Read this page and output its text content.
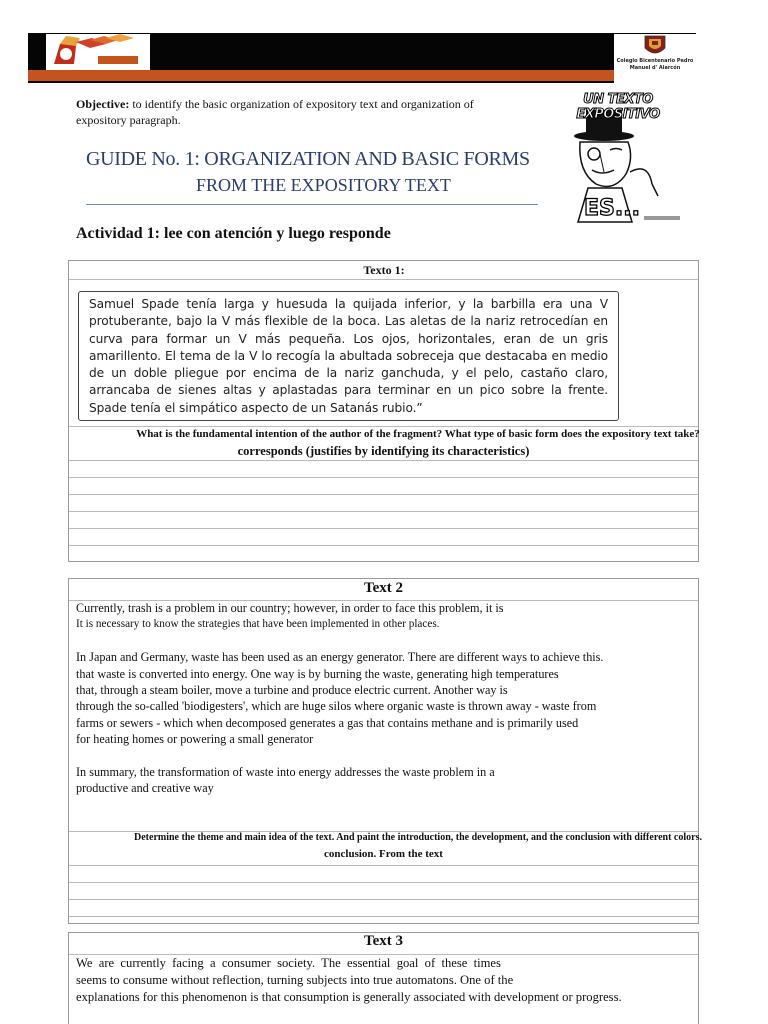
COLEGIOS	Colegio Bicentenario Pedro Manuel d' Alarcón
Objective: to identify the basic organization of expository text and organization of
expository paragraph.
UN TEXTO EXPOSITIVO
ES...
GUIDE No. 1: ORGANIZATION AND BASIC FORMS
FROM THE EXPOSITORY TEXT
Actividad 1: lee con atención y luego responde
Texto 1:
Samuel Spade tenía larga y huesuda la quijada inferior, y la barbilla era una V protuberante, bajo la V más flexible de la boca. Las aletas de la nariz retrocedían en curva para formar un V más pequeña. Los ojos, horizontales, eran de un gris amarillento. El tema de la V lo recogía la abultada sobreceja que destacaba en medio de un doble pliegue por encima de la nariz ganchuda, y el pelo, castaño claro, arrancaba de sienes altas y aplastadas para terminar en un pico sobre la frente. Spade tenía el simpático aspecto de un Satanás rubio.”
What is the fundamental intention of the author of the fragment? What type of basic form does the expository text take?
corresponds (justifies by identifying its characteristics)
Text 2

Currently, trash is a problem in our country; however, in order to face this problem, it is

It is necessary to know the strategies that have been implemented in other places.

In Japan and Germany, waste has been used as an energy generator. There are different ways to achieve this.

that waste is converted into energy. One way is by burning the waste, generating high temperatures

that, through a steam boiler, move a turbine and produce electric current. Another way is

through the so-called 'biodigesters', which are huge silos where organic waste is thrown away - waste from

farms or sewers - which when decomposed generates a gas that contains methane and is primarily used

for heating homes or powering a small generator

In summary, the transformation of waste into energy addresses the waste problem in a

productive and creative way

Determine the theme and main idea of the text. And paint the introduction, the development, and the conclusion with different colors.
conclusion. From the text
Text 3

We  are  currently  facing  a  consumer  society.  The  essential  goal  of  these  times

seems to consume without reflection, turning subjects into true automatons. One of the

explanations for this phenomenon is that consumption is generally associated with development or progress.
